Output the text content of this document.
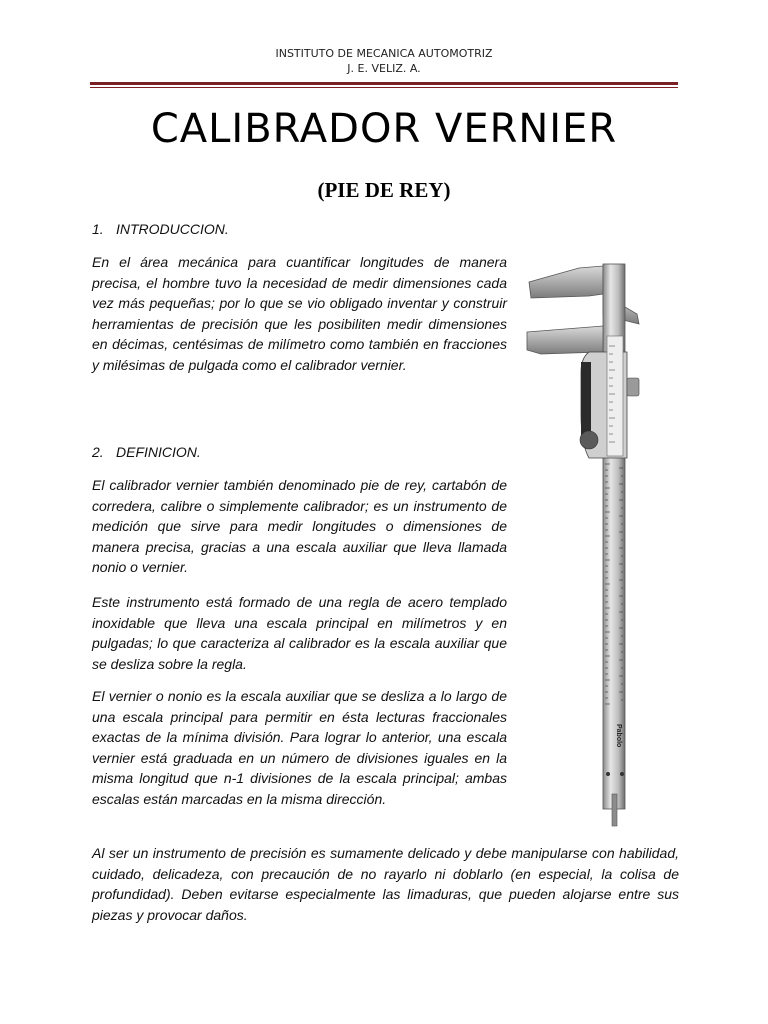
INSTITUTO DE MECANICA AUTOMOTRIZ
J. E. VELIZ. A.
CALIBRADOR VERNIER
(PIE DE REY)
1. INTRODUCCION.

En el área mecánica para cuantificar longitudes de manera precisa, el hombre tuvo la necesidad de medir dimensiones cada vez más pequeñas; por lo que se vio obligado inventar y construir herramientas de precisión que les posibiliten medir dimensiones en décimas, centésimas de milímetro como también en fracciones y milésimas de pulgada como el calibrador vernier.

2. DEFINICION.

El calibrador vernier también denominado pie de rey, cartabón de corredera, calibre o simplemente calibrador; es un instrumento de medición que sirve para medir longitudes o dimensiones de manera precisa, gracias a una escala auxiliar que lleva llamada nonio o vernier.

Este instrumento está formado de una regla de acero templado inoxidable que lleva una escala principal en milímetros y en pulgadas; lo que caracteriza al calibrador es la escala auxiliar que se desliza sobre la regla.

El vernier o nonio es la escala auxiliar que se desliza a lo largo de una escala principal para permitir en ésta lecturas fraccionales exactas de la mínima división. Para lograr lo anterior, una escala vernier está graduada en un número de divisiones iguales en la misma longitud que n-1 divisiones de la escala principal; ambas escalas están marcadas en la misma dirección.

Al ser un instrumento de precisión es sumamente delicado y debe manipularse con habilidad, cuidado, delicadeza, con precaución de no rayarlo ni doblarlo (en especial, la colisa de profundidad). Deben evitarse especialmente las limaduras, que pueden alojarse entre sus piezas y provocar daños.

Pabolo
